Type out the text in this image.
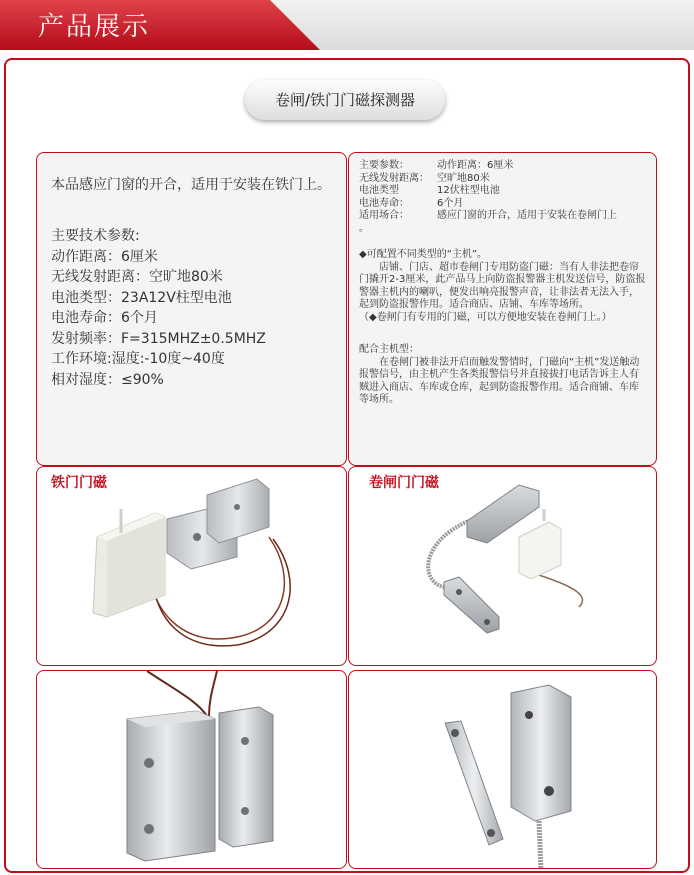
产品展示
卷闸/铁门门磁探测器
本品感应门窗的开合，适用于安装在铁门上。
主要技术参数:
动作距离：6厘米
无线发射距离：空旷地80米
电池类型：23A12V柱型电池
电池寿命：6个月
发射频率：F=315MHZ±0.5MHZ
工作环境:湿度:-10度~40度
相对湿度：≤90%
主要参数：	动作距离：6厘米
无线发射距离： 空旷地80米
电池类型	12伏柱型电池
电池寿命：	6个月
适用场合：	感应门窗的开合，适用于安装在卷闸门上
。
◆可配置不同类型的“主机”。
　　店铺、门店、超市卷闸门专用防盗门磁：当有人非法把卷帘门撬开2-3厘米，此产品马上向防盗报警器主机发送信号，防盗报警器主机内的喇叭，便发出响亮报警声音，让非法者无法入手，起到防盗报警作用。适合商店、店铺、车库等场所。
（◆卷闸门有专用的门磁，可以方便地安装在卷闸门上。）
配合主机型：
　　在卷闸门被非法开启而触发警情时，门磁向“主机”发送触动报警信号，由主机产生各类报警信号并直接拔打电话告诉主人有贼进入商店、车库或仓库，起到防盗报警作用。适合商铺、车库等场所。
铁门门磁	卷闸门门磁
